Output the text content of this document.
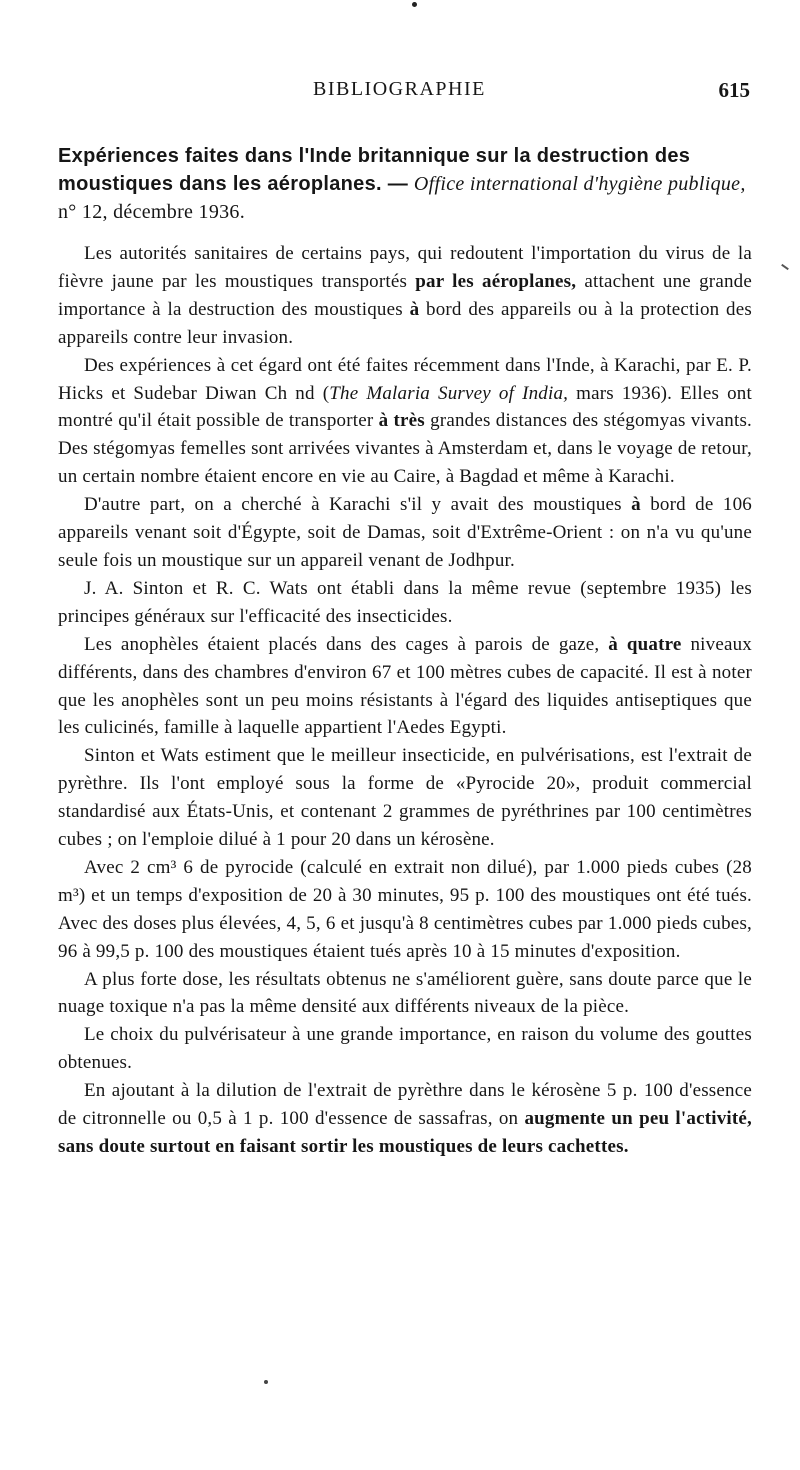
BIBLIOGRAPHIE	615
Expériences faites dans l'Inde britannique sur la destruction des moustiques dans les aéroplanes. — Office international d'hygiène publique, n° 12, décembre 1936.

Les autorités sanitaires de certains pays, qui redoutent l'importation du virus de la fièvre jaune par les moustiques transportés par les aéroplanes, attachent une grande importance à la destruction des moustiques à bord des appareils ou à la protection des appareils contre leur invasion.

Des expériences à cet égard ont été faites récemment dans l'Inde, à Karachi, par E. P. Hicks et Sudebar Diwan Ch nd (The Malaria Survey of India, mars 1936). Elles ont montré qu'il était possible de transporter à très grandes distances des stégomyas vivants. Des stégomyas femelles sont arrivées vivantes à Amsterdam et, dans le voyage de retour, un certain nombre étaient encore en vie au Caire, à Bagdad et même à Karachi.

D'autre part, on a cherché à Karachi s'il y avait des moustiques à bord de 106 appareils venant soit d'Égypte, soit de Damas, soit d'Extrême-Orient : on n'a vu qu'une seule fois un moustique sur un appareil venant de Jodhpur.

J. A. Sinton et R. C. Wats ont établi dans la même revue (septembre 1935) les principes généraux sur l'efficacité des insecticides.

Les anophèles étaient placés dans des cages à parois de gaze, à quatre niveaux différents, dans des chambres d'environ 67 et 100 mètres cubes de capacité. Il est à noter que les anophèles sont un peu moins résistants à l'égard des liquides antiseptiques que les culicinés, famille à laquelle appartient l'Aedes Egypti.

Sinton et Wats estiment que le meilleur insecticide, en pulvérisations, est l'extrait de pyrèthre. Ils l'ont employé sous la forme de «Pyrocide 20», produit commercial standardisé aux États-Unis, et contenant 2 grammes de pyréthrines par 100 centimètres cubes ; on l'emploie dilué à 1 pour 20 dans un kérosène.

Avec 2 cm³ 6 de pyrocide (calculé en extrait non dilué), par 1.000 pieds cubes (28 m³) et un temps d'exposition de 20 à 30 minutes, 95 p. 100 des moustiques ont été tués. Avec des doses plus élevées, 4, 5, 6 et jusqu'à 8 centimètres cubes par 1.000 pieds cubes, 96 à 99,5 p. 100 des moustiques étaient tués après 10 à 15 minutes d'exposition.

A plus forte dose, les résultats obtenus ne s'améliorent guère, sans doute parce que le nuage toxique n'a pas la même densité aux différents niveaux de la pièce.

Le choix du pulvérisateur à une grande importance, en raison du volume des gouttes obtenues.

En ajoutant à la dilution de l'extrait de pyrèthre dans le kérosène 5 p. 100 d'essence de citronnelle ou 0,5 à 1 p. 100 d'essence de sassafras, on augmente un peu l'activité, sans doute surtout en faisant sortir les moustiques de leurs cachettes.
